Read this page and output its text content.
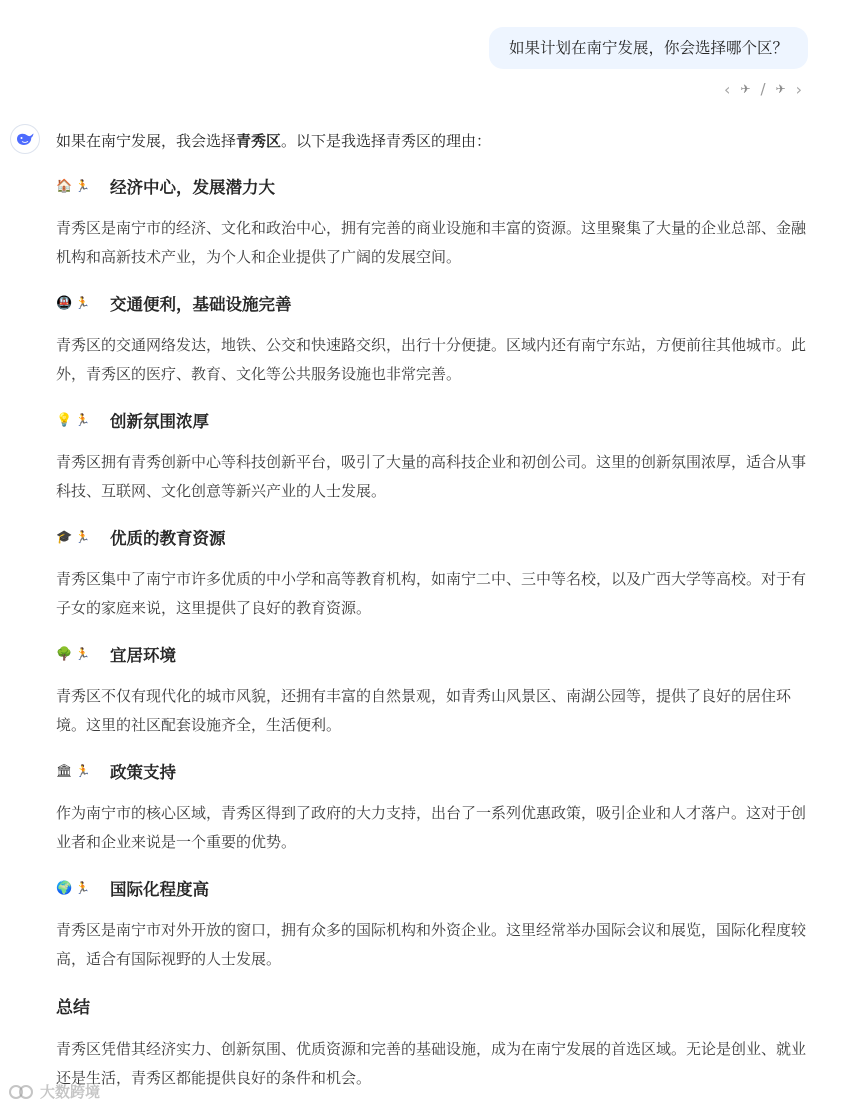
如果计划在南宁发展，你会选择哪个区？
‹ ✈ / ✈ ›

如果在南宁发展，我会选择青秀区。以下是我选择青秀区的理由：

🏠 🏃 经济中心，发展潜力大

青秀区是南宁市的经济、文化和政治中心，拥有完善的商业设施和丰富的资源。这里聚集了大量的企业总部、金融机构和高新技术产业，为个人和企业提供了广阔的发展空间。

🚇 🏃 交通便利，基础设施完善

青秀区的交通网络发达，地铁、公交和快速路交织，出行十分便捷。区域内还有南宁东站，方便前往其他城市。此外，青秀区的医疗、教育、文化等公共服务设施也非常完善。

💡 🏃 创新氛围浓厚

青秀区拥有青秀创新中心等科技创新平台，吸引了大量的高科技企业和初创公司。这里的创新氛围浓厚，适合从事科技、互联网、文化创意等新兴产业的人士发展。

🎓 🏃 优质的教育资源

青秀区集中了南宁市许多优质的中小学和高等教育机构，如南宁二中、三中等名校，以及广西大学等高校。对于有子女的家庭来说，这里提供了良好的教育资源。

🌳 🏃 宜居环境

青秀区不仅有现代化的城市风貌，还拥有丰富的自然景观，如青秀山风景区、南湖公园等，提供了良好的居住环境。这里的社区配套设施齐全，生活便利。

🏛 🏃 政策支持

作为南宁市的核心区域，青秀区得到了政府的大力支持，出台了一系列优惠政策，吸引企业和人才落户。这对于创业者和企业来说是一个重要的优势。

🌍 🏃 国际化程度高

青秀区是南宁市对外开放的窗口，拥有众多的国际机构和外资企业。这里经常举办国际会议和展览，国际化程度较高，适合有国际视野的人士发展。

总结

青秀区凭借其经济实力、创新氛围、优质资源和完善的基础设施，成为在南宁发展的首选区域。无论是创业、就业还是生活，青秀区都能提供良好的条件和机会。

大数跨境
